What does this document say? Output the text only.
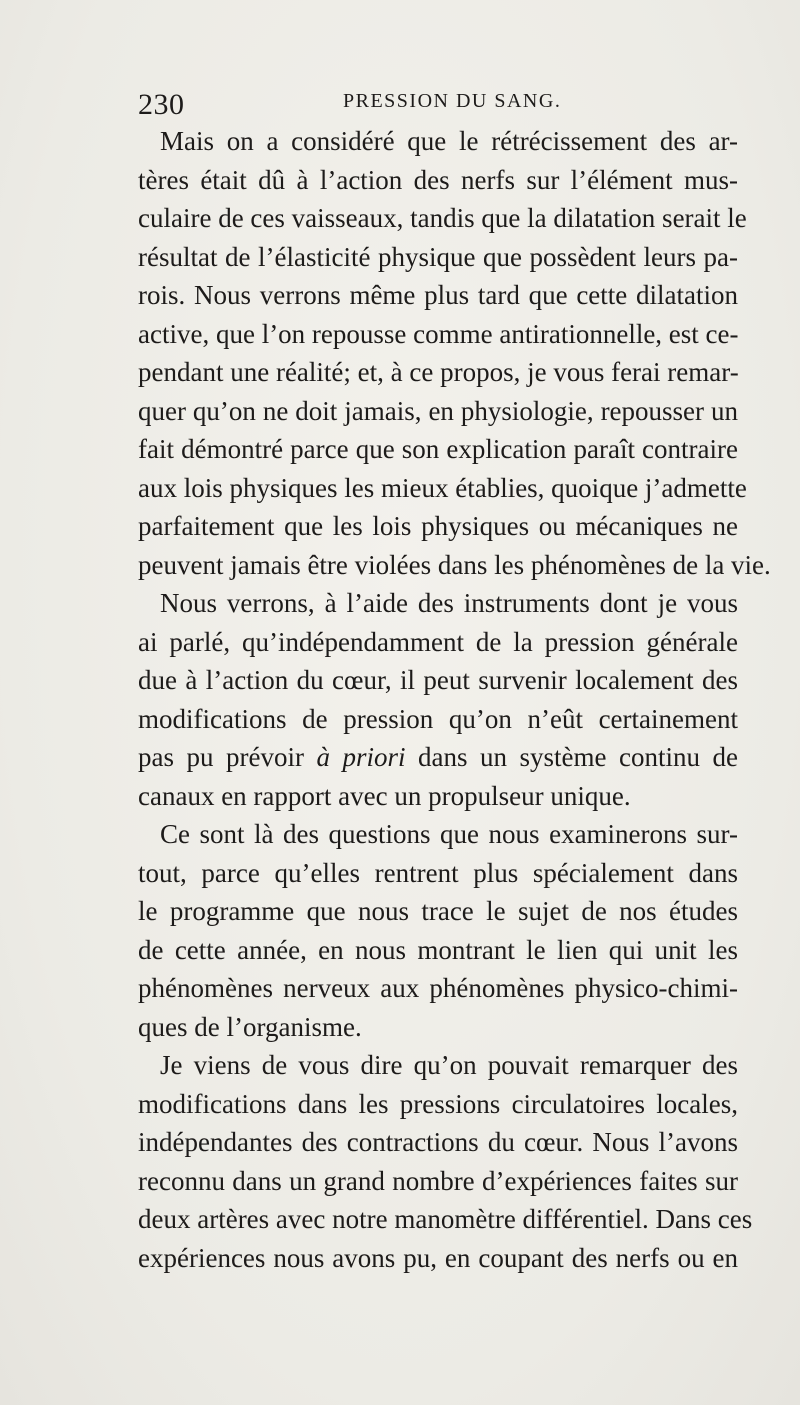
230	PRESSION DU SANG.
Mais on a considéré que le rétrécissement des ar-
tères était dû à l’action des nerfs sur l’élément mus-
culaire de ces vaisseaux, tandis que la dilatation serait le
résultat de l’élasticité physique que possèdent leurs pa-
rois. Nous verrons même plus tard que cette dilatation
active, que l’on repousse comme antirationnelle, est ce-
pendant une réalité; et, à ce propos, je vous ferai remar-
quer qu’on ne doit jamais, en physiologie, repousser un
fait démontré parce que son explication paraît contraire
aux lois physiques les mieux établies, quoique j’admette
parfaitement que les lois physiques ou mécaniques ne
peuvent jamais être violées dans les phénomènes de la vie.
Nous verrons, à l’aide des instruments dont je vous
ai parlé, qu’indépendamment de la pression générale
due à l’action du cœur, il peut survenir localement des
modifications de pression qu’on n’eût certainement
pas pu prévoir à priori dans un système continu de
canaux en rapport avec un propulseur unique.
Ce sont là des questions que nous examinerons sur-
tout, parce qu’elles rentrent plus spécialement dans
le programme que nous trace le sujet de nos études
de cette année, en nous montrant le lien qui unit les
phénomènes nerveux aux phénomènes physico-chimi-
ques de l’organisme.
Je viens de vous dire qu’on pouvait remarquer des
modifications dans les pressions circulatoires locales,
indépendantes des contractions du cœur. Nous l’avons
reconnu dans un grand nombre d’expériences faites sur
deux artères avec notre manomètre différentiel. Dans ces
expériences nous avons pu, en coupant des nerfs ou en
